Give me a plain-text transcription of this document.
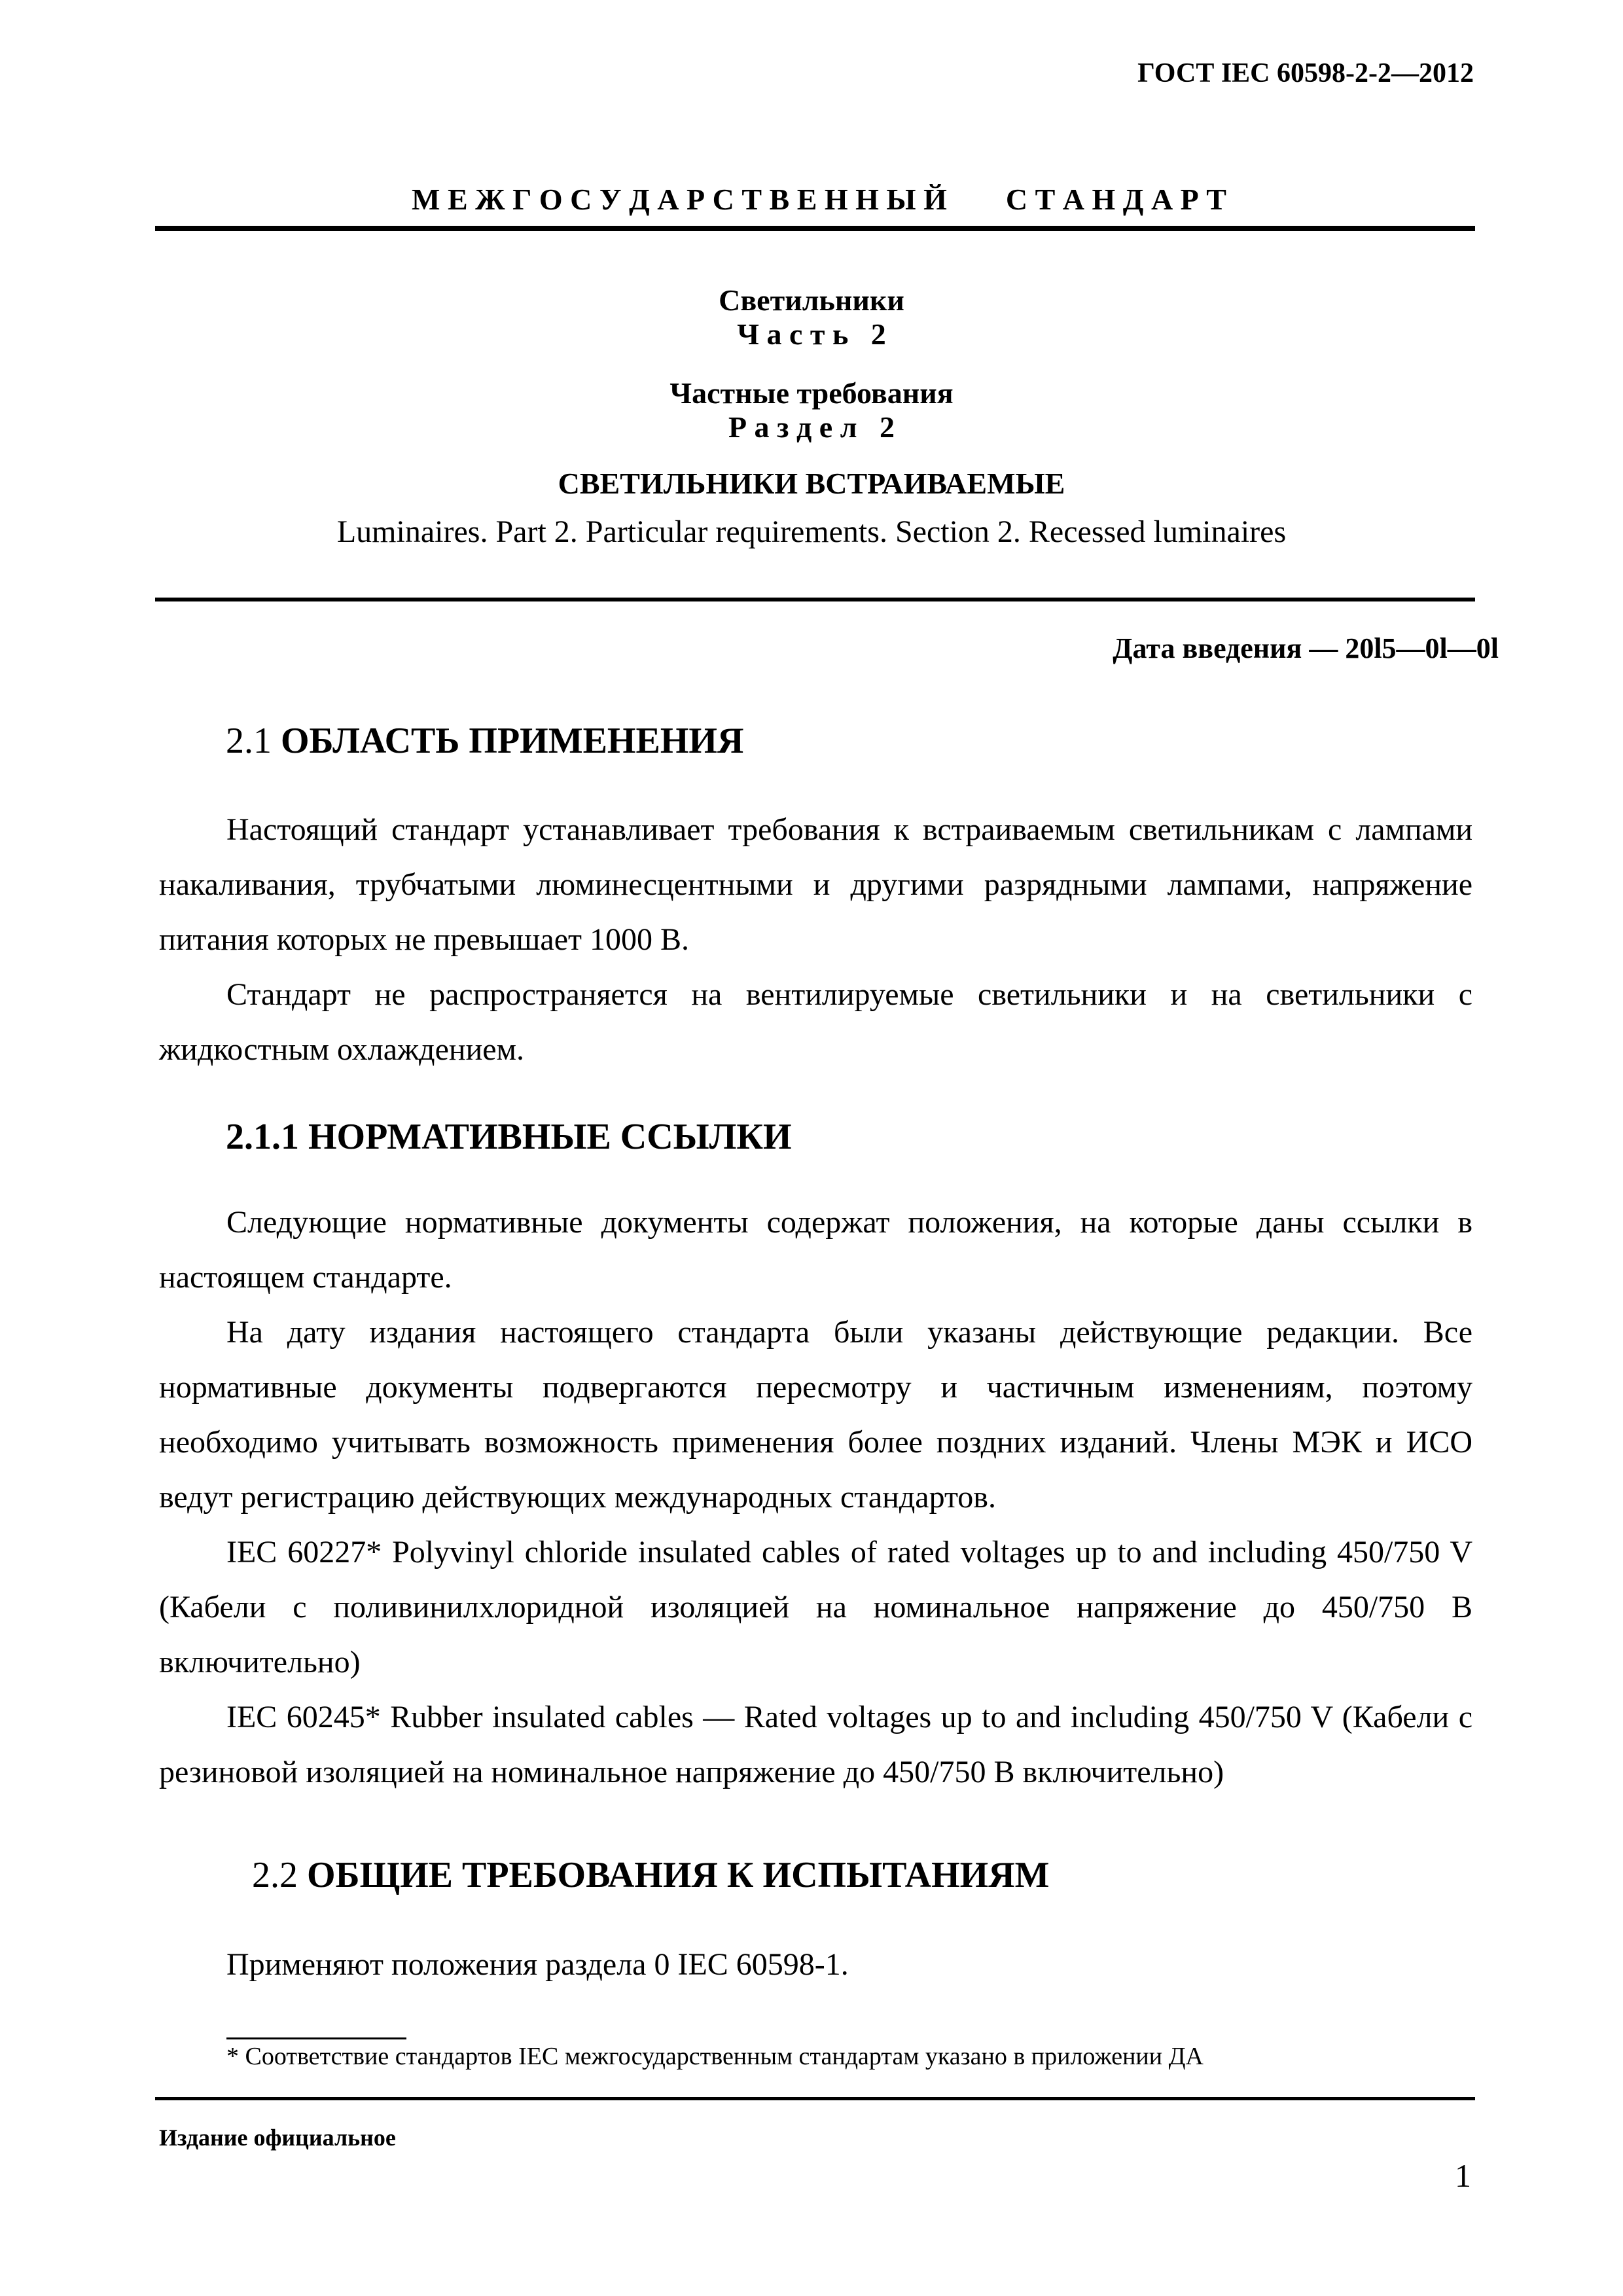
ГОСТ IEC 60598-2-2—2012

М Е Ж Г О С У Д А Р С Т В Е Н Н Ы Й С Т А Н Д А Р Т

Светильники
Ч а с т ь   2
Частные требования
Р а з д е л   2
СВЕТИЛЬНИКИ ВСТРАИВАЕМЫЕ
Luminaires. Part 2. Particular requirements. Section 2. Recessed luminaires
Дата введения — 20l5—0l—0l
2.1 ОБЛАСТЬ ПРИМЕНЕНИЯ

Настоящий стандарт устанавливает требования к встраиваемым светильникам с лампами накаливания, трубчатыми люминесцентными и другими разрядными лампами, напряжение питания которых не превышает 1000 В.

Стандарт не распространяется на вентилируемые светильники и на светильники с жидкостным охлаждением.

2.1.1 НОРМАТИВНЫЕ ССЫЛКИ

Следующие нормативные документы содержат положения, на которые даны ссылки в настоящем стандарте.

На дату издания настоящего стандарта были указаны действующие редакции. Все нормативные документы подвергаются пересмотру и частичным изменениям, поэтому необходимо учитывать возможность применения более поздних изданий. Члены МЭК и ИСО ведут регистрацию действующих международных стандартов.

IEC 60227* Polyvinyl chloride insulated cables of rated voltages up to and including 450/750 V (Кабели с поливинилхлоридной изоляцией на номинальное напряжение до 450/750 В включительно)

IEC 60245* Rubber insulated cables — Rated voltages up to and including 450/750 V (Кабели с резиновой изоляцией на номинальное напряжение до 450/750 В включительно)

2.2 ОБЩИЕ ТРЕБОВАНИЯ К ИСПЫТАНИЯМ

Применяют положения раздела 0 IEC 60598-1.

* Соответствие стандартов IEC межгосударственным стандартам указано в приложении ДА
Издание официальное
1
